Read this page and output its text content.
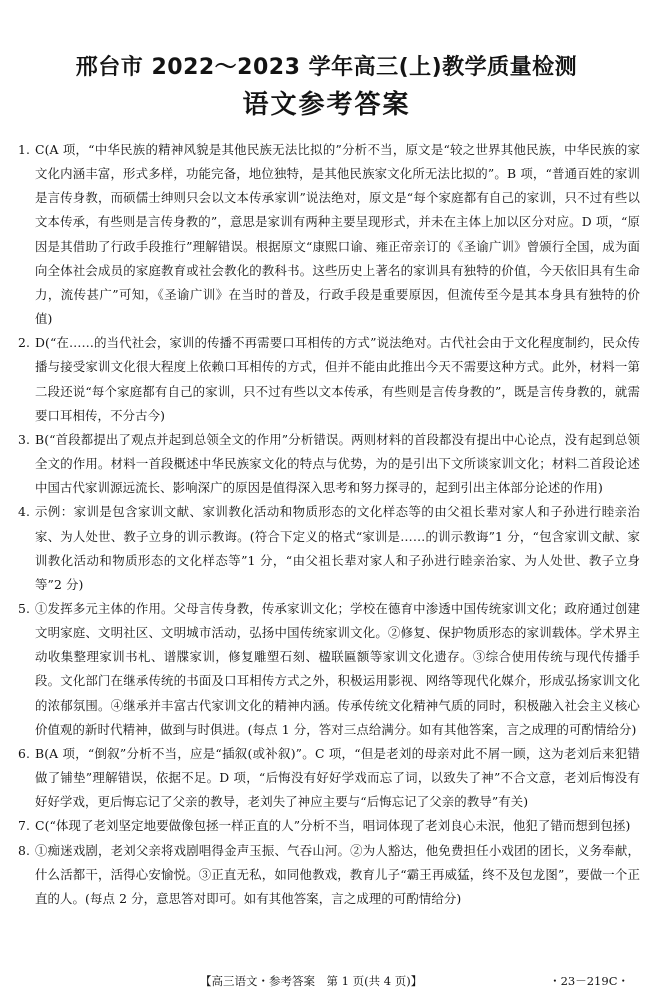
邢台市 2022～2023 学年高三(上)教学质量检测
语文参考答案

1. C(A 项，“中华民族的精神风貌是其他民族无法比拟的”分析不当，原文是“较之世界其他民族，中华民族的家文化内涵丰富，形式多样，功能完备，地位独特，是其他民族家文化所无法比拟的”。B 项，“普通百姓的家训是言传身教，而硕儒士绅则只会以文本传承家训”说法绝对，原文是“每个家庭都有自己的家训，只不过有些以文本传承，有些则是言传身教的”，意思是家训有两种主要呈现形式，并未在主体上加以区分对应。D 项，“原因是其借助了行政手段推行”理解错误。根据原文“康熙口谕、雍正帝亲订的《圣谕广训》曾颁行全国，成为面向全体社会成员的家庭教育或社会教化的教科书。这些历史上著名的家训具有独特的价值，今天依旧具有生命力，流传甚广”可知，《圣谕广训》在当时的普及，行政手段是重要原因，但流传至今是其本身具有独特的价值)

2. D(“在……的当代社会，家训的传播不再需要口耳相传的方式”说法绝对。古代社会由于文化程度制约，民众传播与接受家训文化很大程度上依赖口耳相传的方式，但并不能由此推出今天不需要这种方式。此外，材料一第二段还说“每个家庭都有自己的家训，只不过有些以文本传承，有些则是言传身教的”，既是言传身教的，就需要口耳相传，不分古今)

3. B(“首段都提出了观点并起到总领全文的作用”分析错误。两则材料的首段都没有提出中心论点，没有起到总领全文的作用。材料一首段概述中华民族家文化的特点与优势，为的是引出下文所谈家训文化；材料二首段论述中国古代家训源远流长、影响深广的原因是值得深入思考和努力探寻的，起到引出主体部分论述的作用)

4. 示例：家训是包含家训文献、家训教化活动和物质形态的文化样态等的由父祖长辈对家人和子孙进行睦亲治家、为人处世、教子立身的训示教诲。(符合下定义的格式“家训是……的训示教诲”1 分，“包含家训文献、家训教化活动和物质形态的文化样态等”1 分，“由父祖长辈对家人和子孙进行睦亲治家、为人处世、教子立身等”2 分)

5. ①发挥多元主体的作用。父母言传身教，传承家训文化；学校在德育中渗透中国传统家训文化；政府通过创建文明家庭、文明社区、文明城市活动，弘扬中国传统家训文化。②修复、保护物质形态的家训载体。学术界主动收集整理家训书札、谱牒家训，修复雕塑石刻、楹联匾额等家训文化遗存。③综合使用传统与现代传播手段。文化部门在继承传统的书面及口耳相传方式之外，积极运用影视、网络等现代化媒介，形成弘扬家训文化的浓郁氛围。④继承并丰富古代家训文化的精神内涵。传承传统文化精神气质的同时，积极融入社会主义核心价值观的新时代精神，做到与时俱进。(每点 1 分，答对三点给满分。如有其他答案，言之成理的可酌情给分)

6. B(A 项，“倒叙”分析不当，应是“插叙(或补叙)”。C 项，“但是老刘的母亲对此不屑一顾，这为老刘后来犯错做了铺垫”理解错误，依据不足。D 项，“后悔没有好好学戏而忘了词，以致失了神”不合文意，老刘后悔没有好好学戏，更后悔忘记了父亲的教导，老刘失了神应主要与“后悔忘记了父亲的教导”有关)

7. C(“体现了老刘坚定地要做像包拯一样正直的人”分析不当，唱词体现了老刘良心未泯，他犯了错而想到包拯)

8. ①痴迷戏剧，老刘父亲将戏剧唱得金声玉振、气吞山河。②为人豁达，他免费担任小戏团的团长，义务奉献，什么活都干，活得心安愉悦。③正直无私，如同他教戏，教育儿子“霸王再威猛，终不及包龙图”，要做一个正直的人。(每点 2 分，意思答对即可。如有其他答案，言之成理的可酌情给分)

【高三语文・参考答案　第 1 页(共 4 页)】	・23－219C・
